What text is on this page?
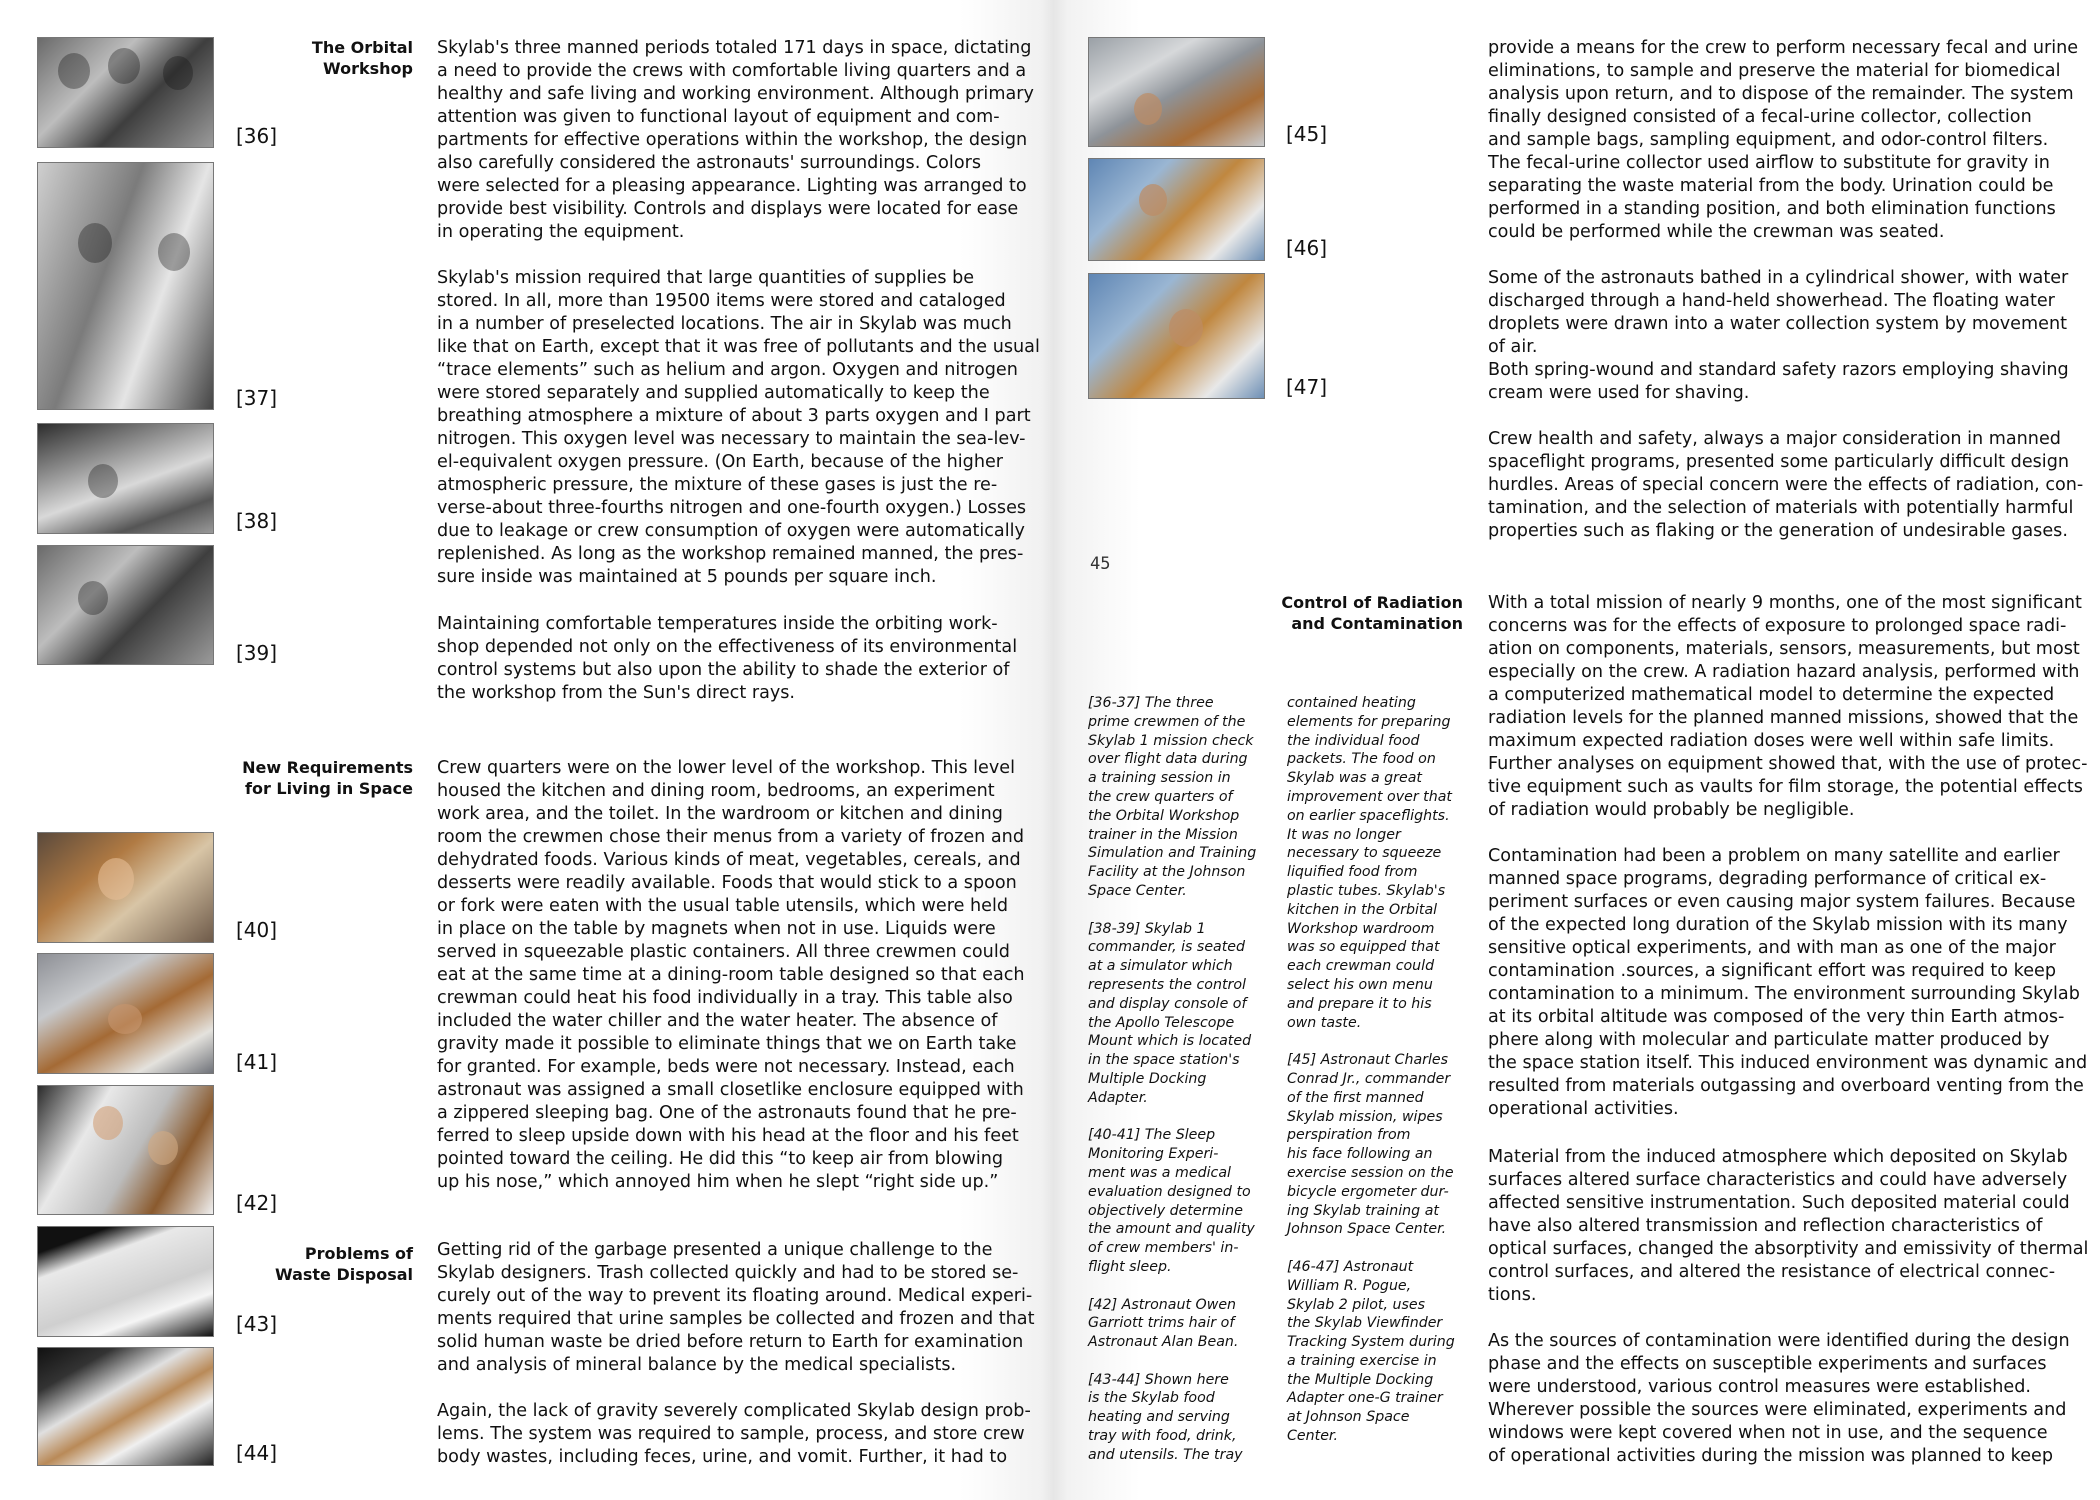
[36]
[37]
[38]
[39]
[40]
[41]
[42]
[43]
[44]
The Orbital
Workshop
New Requirements
for Living in Space
Problems of
Waste Disposal

Skylab's three manned periods totaled 171 days in space, dictating
a need to provide the crews with comfortable living quarters and a
healthy and safe living and working environment. Although primary
attention was given to functional layout of equipment and com-
partments for effective operations within the workshop, the design
also carefully considered the astronauts' surroundings. Colors
were selected for a pleasing appearance. Lighting was arranged to
provide best visibility. Controls and displays were located for ease
in operating the equipment.

Skylab's mission required that large quantities of supplies be
stored. In all, more than 19500 items were stored and cataloged
in a number of preselected locations. The air in Skylab was much
like that on Earth, except that it was free of pollutants and the usual
“trace elements” such as helium and argon. Oxygen and nitrogen
were stored separately and supplied automatically to keep the
breathing atmosphere a mixture of about 3 parts oxygen and I part
nitrogen. This oxygen level was necessary to maintain the sea-lev-
el-equivalent oxygen pressure. (On Earth, because of the higher
atmospheric pressure, the mixture of these gases is just the re-
verse-about three-fourths nitrogen and one-fourth oxygen.) Losses
due to leakage or crew consumption of oxygen were automatically
replenished. As long as the workshop remained manned, the pres-
sure inside was maintained at 5 pounds per square inch.

Maintaining comfortable temperatures inside the orbiting work-
shop depended not only on the effectiveness of its environmental
control systems but also upon the ability to shade the exterior of
the workshop from the Sun's direct rays.

Crew quarters were on the lower level of the workshop. This level
housed the kitchen and dining room, bedrooms, an experiment
work area, and the toilet. In the wardroom or kitchen and dining
room the crewmen chose their menus from a variety of frozen and
dehydrated foods. Various kinds of meat, vegetables, cereals, and
desserts were readily available. Foods that would stick to a spoon
or fork were eaten with the usual table utensils, which were held
in place on the table by magnets when not in use. Liquids were
served in squeezable plastic containers. All three crewmen could
eat at the same time at a dining-room table designed so that each
crewman could heat his food individually in a tray. This table also
included the water chiller and the water heater. The absence of
gravity made it possible to eliminate things that we on Earth take
for granted. For example, beds were not necessary. Instead, each
astronaut was assigned a small closetlike enclosure equipped with
a zippered sleeping bag. One of the astronauts found that he pre-
ferred to sleep upside down with his head at the floor and his feet
pointed toward the ceiling. He did this “to keep air from blowing
up his nose,” which annoyed him when he slept “right side up.”

Getting rid of the garbage presented a unique challenge to the
Skylab designers. Trash collected quickly and had to be stored se-
curely out of the way to prevent its floating around. Medical experi-
ments required that urine samples be collected and frozen and that
solid human waste be dried before return to Earth for examination
and analysis of mineral balance by the medical specialists.

Again, the lack of gravity severely complicated Skylab design prob-
lems. The system was required to sample, process, and store crew
body wastes, including feces, urine, and vomit. Further, it had to

[45]
[46]
[47]
45
Control of Radiation
and Contamination

[36-37] The three
prime crewmen of the
Skylab 1 mission check
over flight data during
a training session in
the crew quarters of
the Orbital Workshop
trainer in the Mission
Simulation and Training
Facility at the Johnson
Space Center.

[38-39] Skylab 1
commander, is seated
at a simulator which
represents the control
and display console of
the Apollo Telescope
Mount which is located
in the space station's
Multiple Docking
Adapter.

[40-41] The Sleep
Monitoring Experi-
ment was a medical
evaluation designed to
objectively determine
the amount and quality
of crew members' in-
flight sleep.

[42] Astronaut Owen
Garriott trims hair of
Astronaut Alan Bean.

[43-44] Shown here
is the Skylab food
heating and serving
tray with food, drink,
and utensils. The tray

contained heating
elements for preparing
the individual food
packets. The food on
Skylab was a great
improvement over that
on earlier spaceflights.
It was no longer
necessary to squeeze
liquified food from
plastic tubes. Skylab's
kitchen in the Orbital
Workshop wardroom
was so equipped that
each crewman could
select his own menu
and prepare it to his
own taste.

[45] Astronaut Charles
Conrad Jr., commander
of the first manned
Skylab mission, wipes
perspiration from
his face following an
exercise session on the
bicycle ergometer dur-
ing Skylab training at
Johnson Space Center.

[46-47] Astronaut
William R. Pogue,
Skylab 2 pilot, uses
the Skylab Viewfinder
Tracking System during
a training exercise in
the Multiple Docking
Adapter one-G trainer
at Johnson Space
Center.

provide a means for the crew to perform necessary fecal and urine
eliminations, to sample and preserve the material for biomedical
analysis upon return, and to dispose of the remainder. The system
finally designed consisted of a fecal-urine collector, collection
and sample bags, sampling equipment, and odor-control filters.
The fecal-urine collector used airflow to substitute for gravity in
separating the waste material from the body. Urination could be
performed in a standing position, and both elimination functions
could be performed while the crewman was seated.

Some of the astronauts bathed in a cylindrical shower, with water
discharged through a hand-held showerhead. The floating water
droplets were drawn into a water collection system by movement
of air.
Both spring-wound and standard safety razors employing shaving
cream were used for shaving.

Crew health and safety, always a major consideration in manned
spaceflight programs, presented some particularly difficult design
hurdles. Areas of special concern were the effects of radiation, con-
tamination, and the selection of materials with potentially harmful
properties such as flaking or the generation of undesirable gases.

With a total mission of nearly 9 months, one of the most significant
concerns was for the effects of exposure to prolonged space radi-
ation on components, materials, sensors, measurements, but most
especially on the crew. A radiation hazard analysis, performed with
a computerized mathematical model to determine the expected
radiation levels for the planned manned missions, showed that the
maximum expected radiation doses were well within safe limits.
Further analyses on equipment showed that, with the use of protec-
tive equipment such as vaults for film storage, the potential effects
of radiation would probably be negligible.

Contamination had been a problem on many satellite and earlier
manned space programs, degrading performance of critical ex-
periment surfaces or even causing major system failures. Because
of the expected long duration of the Skylab mission with its many
sensitive optical experiments, and with man as one of the major
contamination .sources, a significant effort was required to keep
contamination to a minimum. The environment surrounding Skylab
at its orbital altitude was composed of the very thin Earth atmos-
phere along with molecular and particulate matter produced by
the space station itself. This induced environment was dynamic and
resulted from materials outgassing and overboard venting from the
operational activities.

Material from the induced atmosphere which deposited on Skylab
surfaces altered surface characteristics and could have adversely
affected sensitive instrumentation. Such deposited material could
have also altered transmission and reflection characteristics of
optical surfaces, changed the absorptivity and emissivity of thermal
control surfaces, and altered the resistance of electrical connec-
tions.

As the sources of contamination were identified during the design
phase and the effects on susceptible experiments and surfaces
were understood, various control measures were established.
Wherever possible the sources were eliminated, experiments and
windows were kept covered when not in use, and the sequence
of operational activities during the mission was planned to keep
